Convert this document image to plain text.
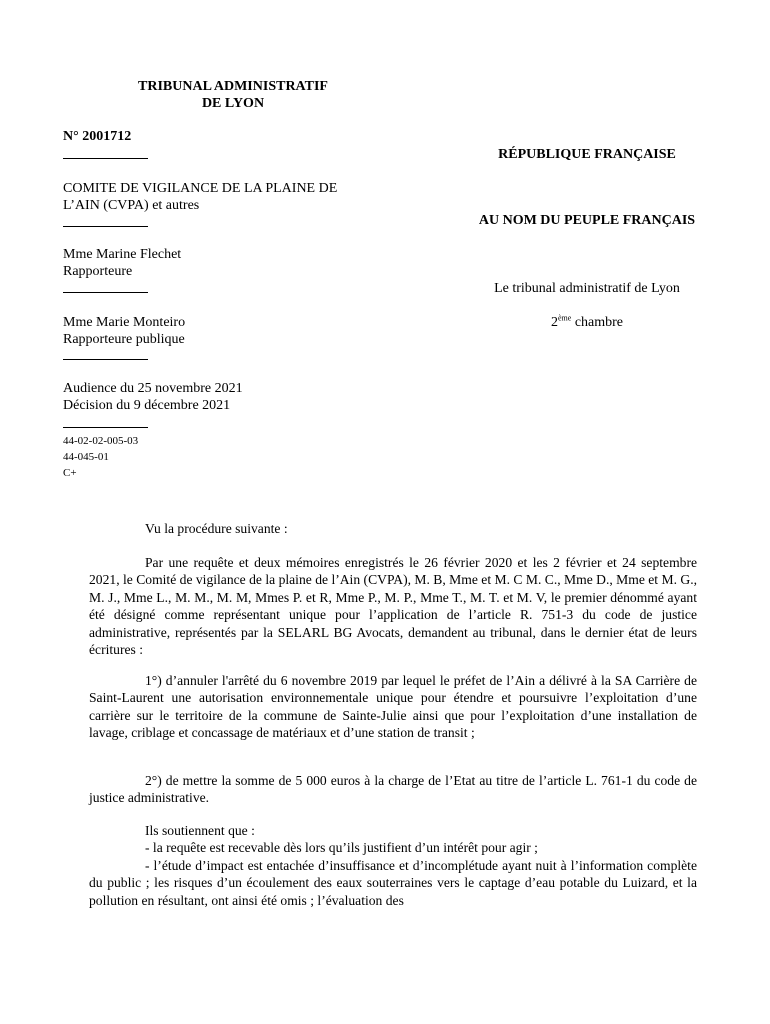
TRIBUNAL ADMINISTRATIF
DE LYON
N° 2001712
COMITE DE VIGILANCE DE LA PLAINE DE
L’AIN (CVPA) et autres
Mme Marine Flechet
Rapporteure
Mme Marie Monteiro
Rapporteure publique
Audience du 25 novembre 2021
Décision du 9 décembre 2021
44-02-02-005-03
44-045-01
C+
RÉPUBLIQUE FRANÇAISE
AU NOM DU PEUPLE FRANÇAIS
Le tribunal administratif de Lyon
2ème chambre

Vu la procédure suivante :

Par une requête et deux mémoires enregistrés le 26 février 2020 et les 2 février et 24 septembre 2021, le Comité de vigilance de la plaine de l’Ain (CVPA), M. B, Mme et M. C M. C., Mme D., Mme et M. G., M. J., Mme L., M. M., M. M, Mmes P. et R, Mme P., M. P., Mme T., M. T. et M. V, le premier dénommé ayant été désigné comme représentant unique pour l’application de l’article R. 751-3 du code de justice administrative, représentés par la SELARL BG Avocats, demandent au tribunal, dans le dernier état de leurs écritures :

1°) d’annuler l'arrêté du 6 novembre 2019 par lequel le préfet de l’Ain a délivré à la SA Carrière de Saint-Laurent une autorisation environnementale unique pour étendre et poursuivre l’exploitation d’une carrière sur le territoire de la commune de Sainte-Julie ainsi que pour l’exploitation d’une installation de lavage, criblage et concassage de matériaux et d’une station de transit ;

2°) de mettre la somme de 5 000 euros à la charge de l’Etat au titre de l’article L. 761-1 du code de justice administrative.

Ils soutiennent que :

- la requête est recevable dès lors qu’ils justifient d’un intérêt pour agir ;

- l’étude d’impact est entachée d’insuffisance et d’incomplétude ayant nuit à l’information complète du public ; les risques d’un écoulement des eaux souterraines vers le captage d’eau potable du Luizard, et la pollution en résultant, ont ainsi été omis ; l’évaluation des
